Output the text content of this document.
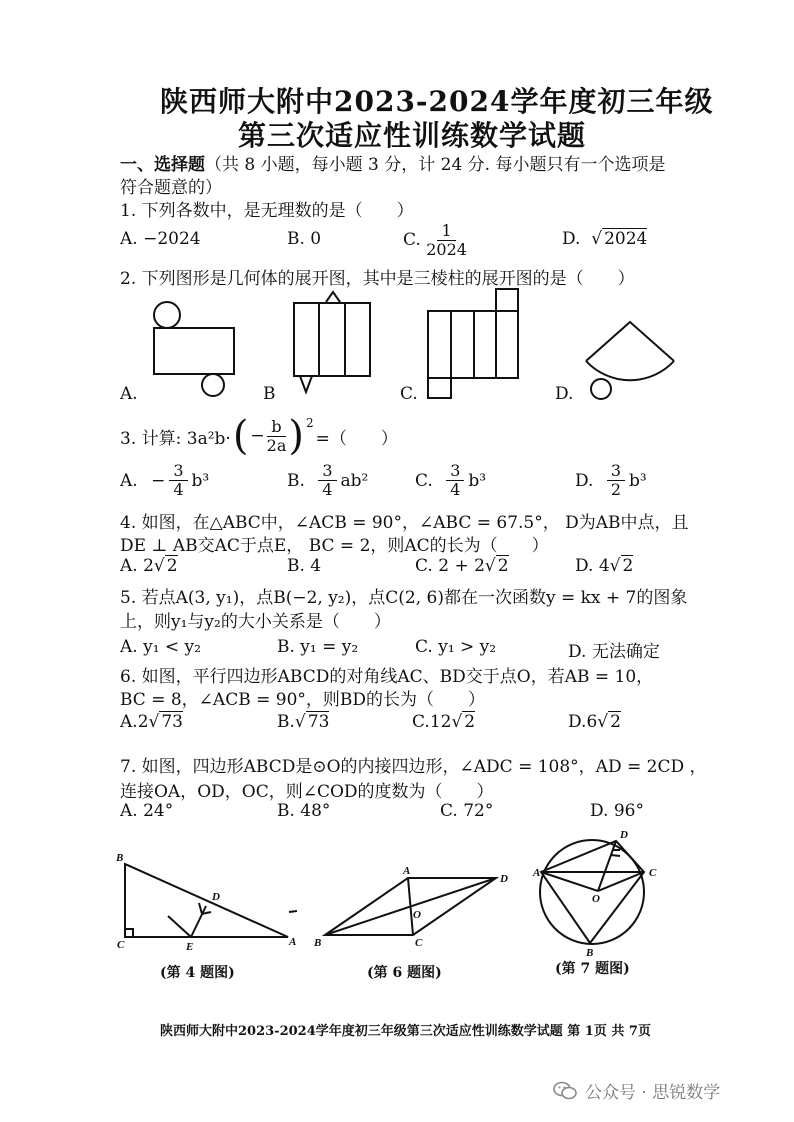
陕西师大附中2023-2024学年度初三年级
第三次适应性训练数学试题
一、选择题（共 8 小题，每小题 3 分，计 24 分. 每小题只有一个选项是
符合题意的）
1. 下列各数中，是无理数的是（　　）
A. −2024	B. 0	C. $\frac{1}{2024}$	D.  √ 2024
2. 下列图形是几何体的展开图，其中是三棱柱的展开图的是（　　）
A.	B	C.	D.
3. 计算: 3a²b· ( − $\frac{b}{2a} )^2$
=（　　）
A.
− $\frac{3}{4} b^3$	B.
$\frac{3}{4} ab^2$	C.
$\frac{3}{4} b^3$	D.
$\frac{3}{2} b^3$
4. 如图，在△ABC中，∠ACB = 90°，∠ABC = 67.5°， D为AB中点，且
DE ⊥ AB交AC于点E， BC = 2，则AC的长为（　　）
A. 2√ 2	B. 4	C. 2 + 2√ 2	D. 4√ 2
5. 若点A(3, y₁)，点B(−2, y₂)，点C(2, 6)都在一次函数y = kx + 7的图象
上，则y₁与y₂的大小关系是（　　）
A. y₁ < y₂	B. y₁ = y₂	C. y₁ > y₂	D. 无法确定
6. 如图，平行四边形ABCD的对角线AC、BD交于点O，若AB = 10，
BC = 8，∠ACB = 90°，则BD的长为（　　）
A.2√ 73	B.√ 73	C.12√ 2	D.6√ 2
7. 如图，四边形ABCD是⊙O的内接四边形，∠ADC = 108°，AD = 2CD ，
连接OA，OD，OC，则∠COD的度数为（　　）
A. 24°	B. 48°	C. 72°	D. 96°
B
C	E	A
D
A
B	C
D
O
D
A	C
B
O
(第 4 题图)	(第 6 题图)	(第 7 题图)
陕西师大附中2023-2024学年度初三年级第三次适应性训练数学试题 第 1页 共 7页
公众号 · 思锐数学
